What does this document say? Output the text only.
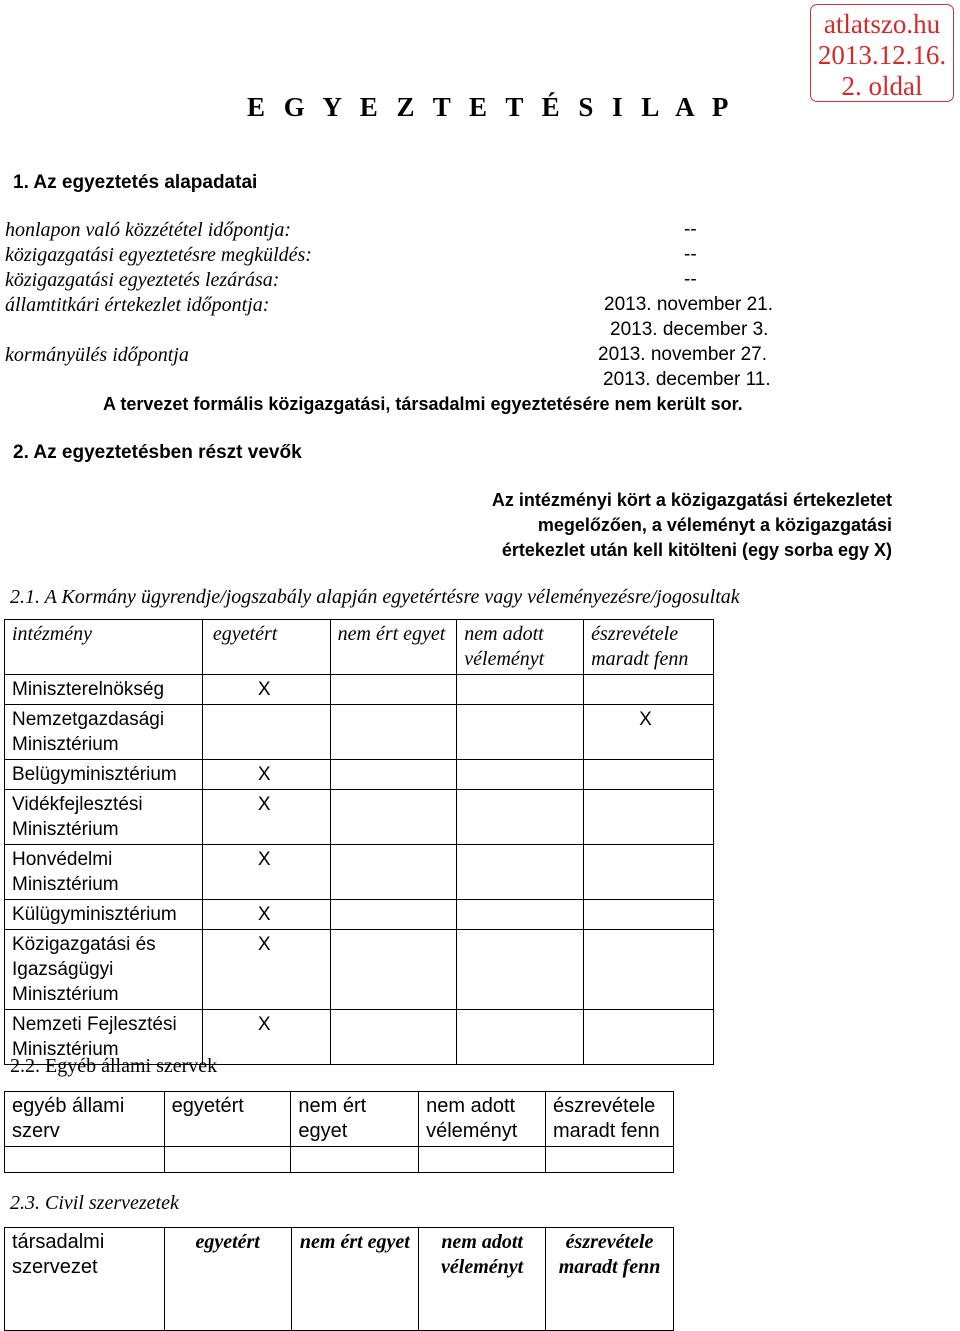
atlatszo.hu
2013.12.16.
2. oldal
E G Y E Z T E T É S I L A P
1. Az egyeztetés alapadatai
honlapon való közzététel időpontja:	--
közigazgatási egyeztetésre megküldés:	--
közigazgatási egyeztetés lezárása:	--
államtitkári értekezlet időpontja:	2013. november 21.
2013. december 3.
kormányülés időpontja	2013. november 27.
2013. december 11.
A tervezet formális közigazgatási, társadalmi egyeztetésére nem került sor.
2. Az egyeztetésben részt vevők
Az intézményi kört a közigazgatási értekezletet
megelőzően, a véleményt a közigazgatási
értekezlet után kell kitölteni (egy sorba egy X)
2.1. A Kormány ügyrendje/jogszabály alapján egyetértésre vagy véleményezésre/jogosultak
intézmény	egyetért	nem ért egyet	nem adott véleményt	észrevétele maradt fenn
Miniszterelnökség	X			
Nemzetgazdasági Minisztérium				X
Belügyminisztérium	X			
Vidékfejlesztési Minisztérium	X			
Honvédelmi Minisztérium	X			
Külügyminisztérium	X			
Közigazgatási és Igazságügyi Minisztérium	X			
Nemzeti Fejlesztési Minisztérium	X			
2.2. Egyéb állami szervek
egyéb állami szerv	egyetért	nem ért egyet	nem adott véleményt	észrevétele maradt fenn

2.3. Civil szervezetek
társadalmi szervezet	egyetért	nem ért egyet	nem adott véleményt	észrevétele maradt fenn
